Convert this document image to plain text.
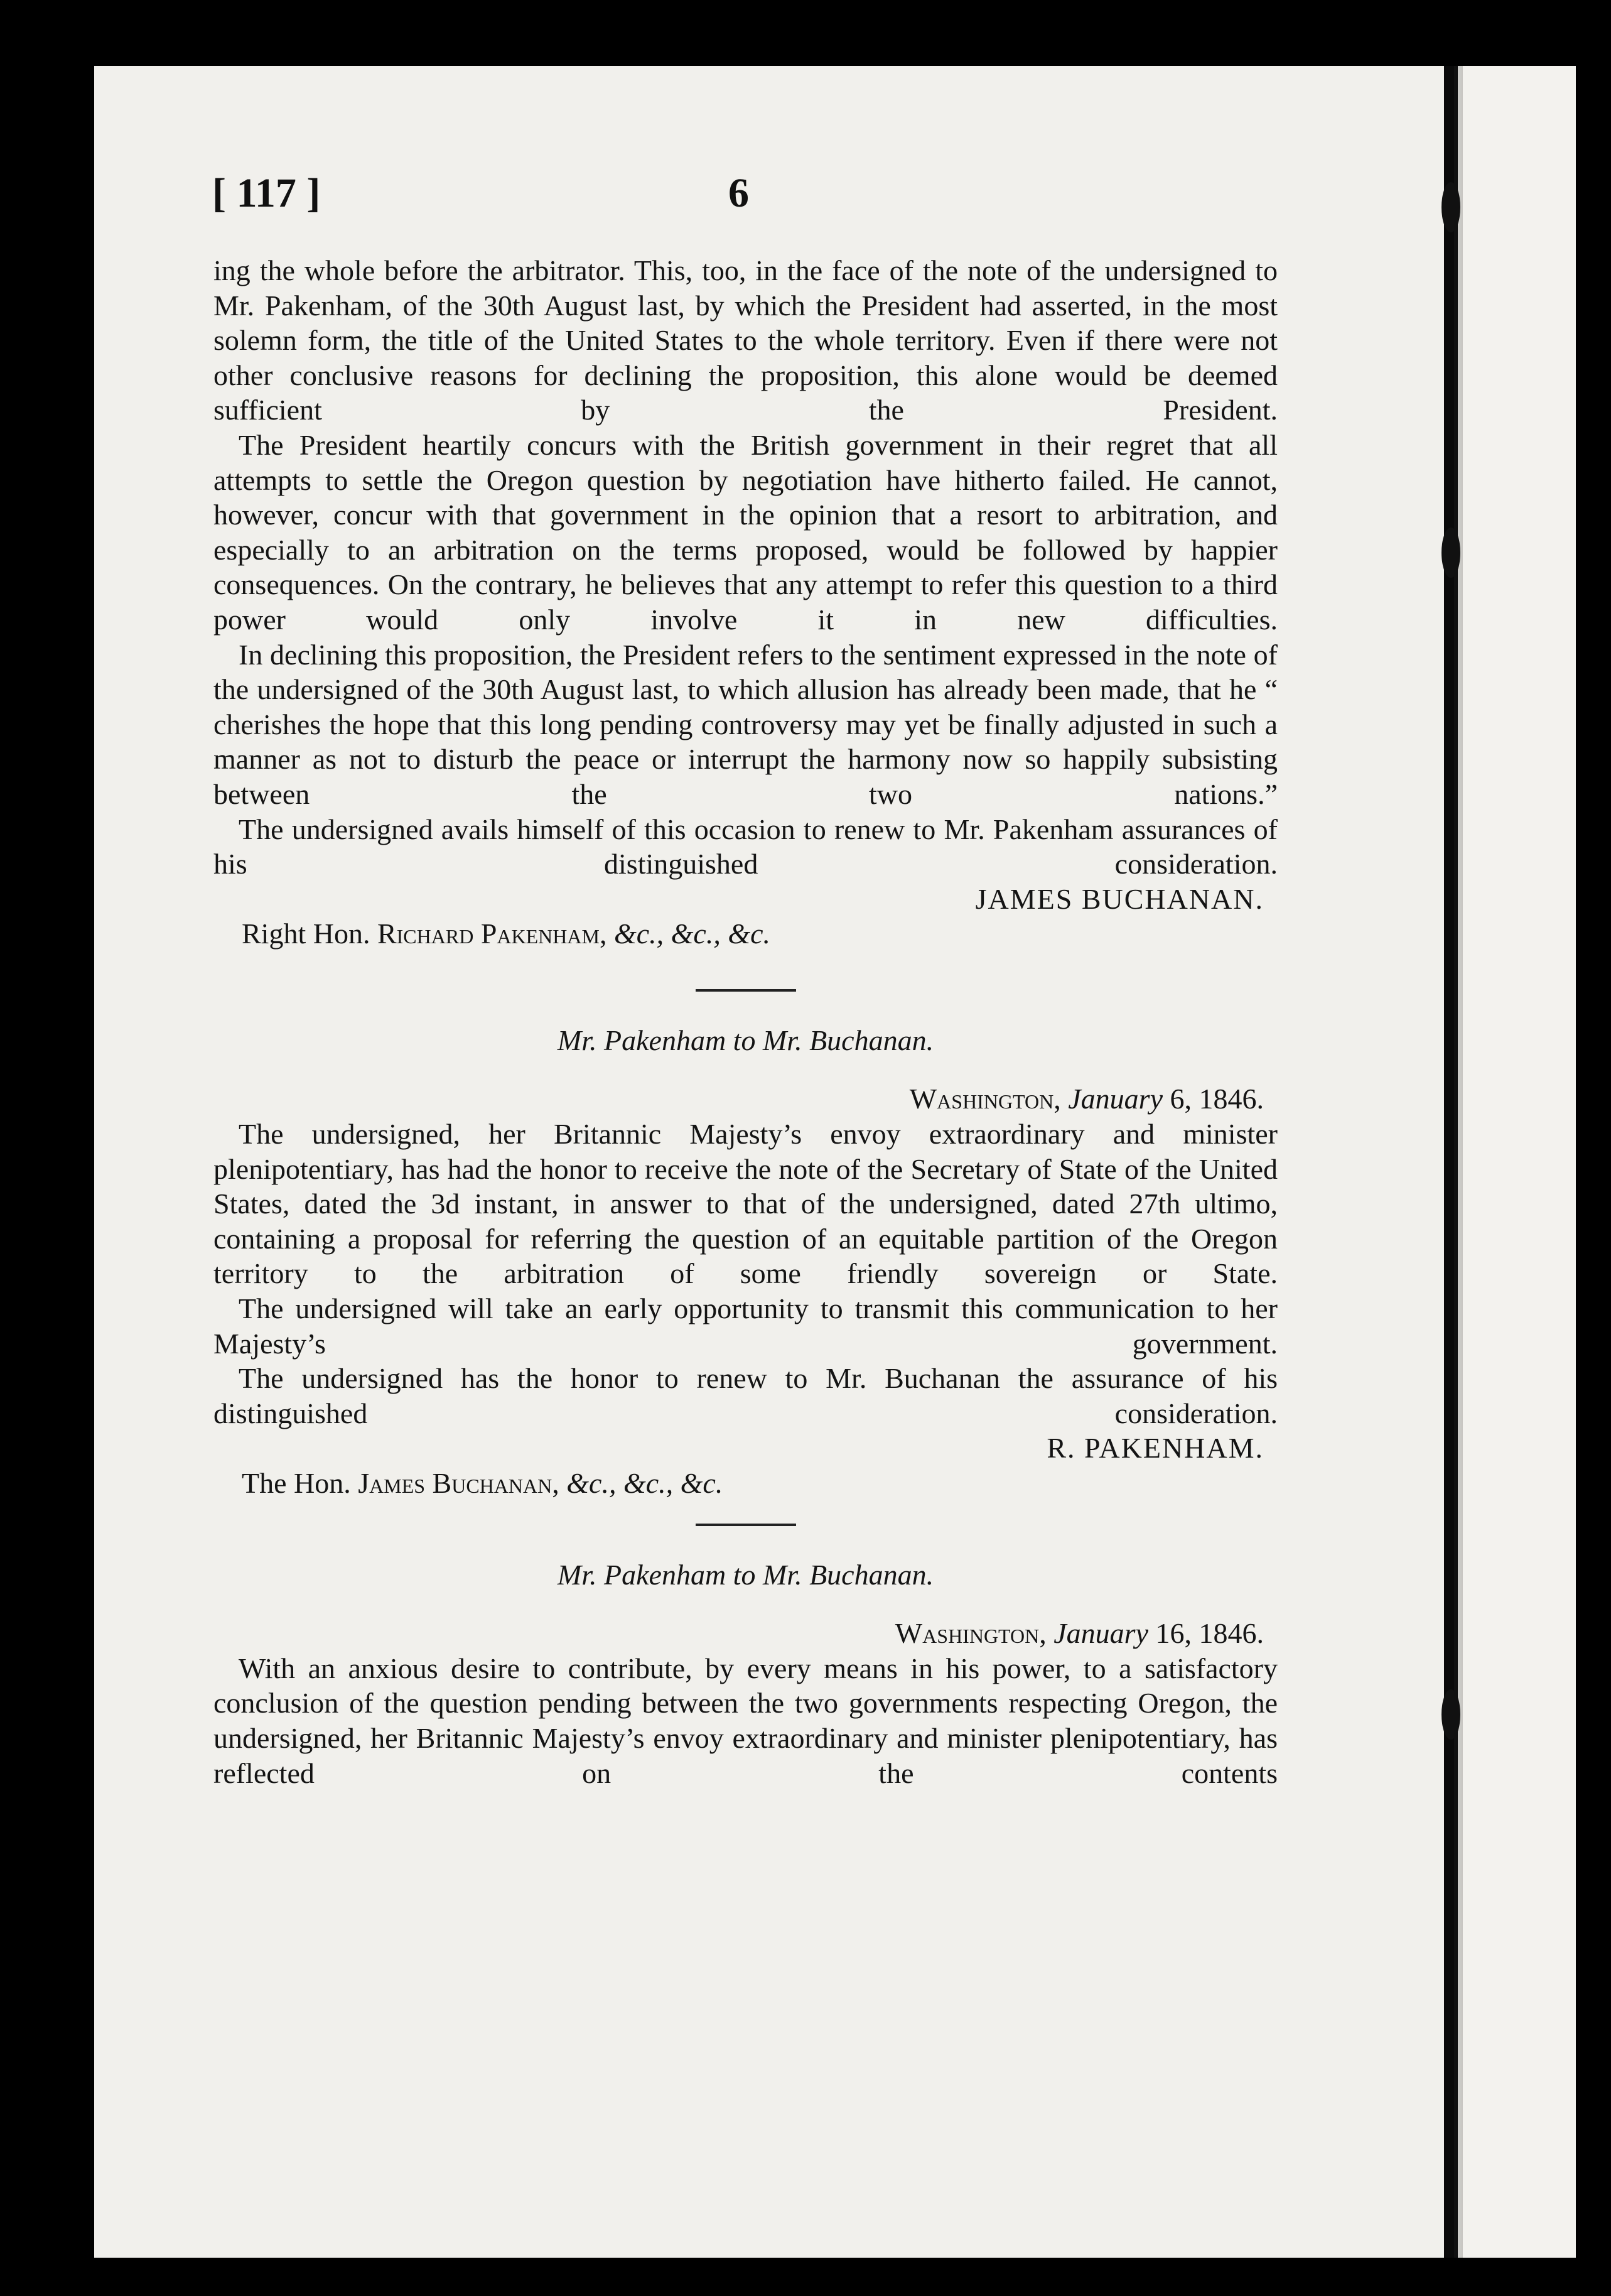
[ 117 ]	6

ing the whole before the arbitrator. This, too, in the face of the note of the undersigned to Mr. Pakenham, of the 30th August last, by which the President had asserted, in the most solemn form, the title of the United States to the whole territory. Even if there were not other conclusive reasons for declining the proposition, this alone would be deemed sufficient by the President.

The President heartily concurs with the British government in their regret that all attempts to settle the Oregon question by negotiation have hitherto failed. He cannot, however, concur with that government in the opinion that a resort to arbitration, and especially to an arbitration on the terms proposed, would be followed by happier consequences. On the contrary, he believes that any attempt to refer this question to a third power would only involve it in new difficulties.

In declining this proposition, the President refers to the sentiment expressed in the note of the undersigned of the 30th August last, to which allusion has already been made, that he “ cherishes the hope that this long pending controversy may yet be finally adjusted in such a manner as not to disturb the peace or interrupt the harmony now so happily subsisting between the two nations.”

The undersigned avails himself of this occasion to renew to Mr. Pakenham assurances of his distinguished consideration.

JAMES BUCHANAN.

Right Hon. Richard Pakenham, &c., &c., &c.

Mr. Pakenham to Mr. Buchanan.

Washington, January 6, 1846.

The undersigned, her Britannic Majesty’s envoy extraordinary and minister plenipotentiary, has had the honor to receive the note of the Secretary of State of the United States, dated the 3d instant, in answer to that of the undersigned, dated 27th ultimo, containing a proposal for referring the question of an equitable partition of the Oregon territory to the arbitration of some friendly sovereign or State.

The undersigned will take an early opportunity to transmit this communication to her Majesty’s government.

The undersigned has the honor to renew to Mr. Buchanan the assurance of his distinguished consideration.

R. PAKENHAM.

The Hon. James Buchanan, &c., &c., &c.

Mr. Pakenham to Mr. Buchanan.

Washington, January 16, 1846.

With an anxious desire to contribute, by every means in his power, to a satisfactory conclusion of the question pending between the two governments respecting Oregon, the undersigned, her Britannic Majesty’s envoy extraordinary and minister plenipotentiary, has reflected on the contents
